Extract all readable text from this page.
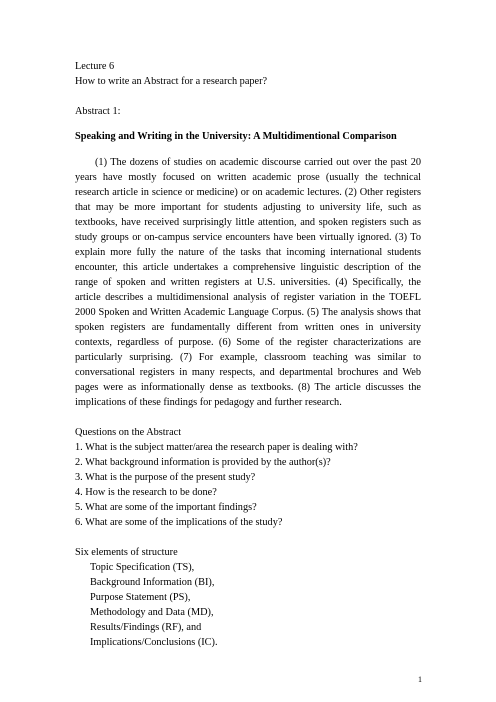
Lecture 6

How to write an Abstract for a research paper?

Abstract 1:

Speaking and Writing in the University: A Multidimentional Comparison

(1) The dozens of studies on academic discourse carried out over the past 20 years have mostly focused on written academic prose (usually the technical research article in science or medicine) or on academic lectures. (2) Other registers that may be more important for students adjusting to university life, such as textbooks, have received surprisingly little attention, and spoken registers such as study groups or on-campus service encounters have been virtually ignored. (3) To explain more fully the nature of the tasks that incoming international students encounter, this article undertakes a comprehensive linguistic description of the range of spoken and written registers at U.S. universities. (4) Specifically, the article describes a multidimensional analysis of register variation in the TOEFL 2000 Spoken and Written Academic Language Corpus. (5) The analysis shows that spoken registers are fundamentally different from written ones in university contexts, regardless of purpose. (6) Some of the register characterizations are particularly surprising. (7) For example, classroom teaching was similar to conversational registers in many respects, and departmental brochures and Web pages were as informationally dense as textbooks. (8) The article discusses the implications of these findings for pedagogy and further research.

Questions on the Abstract

1. What is the subject matter/area the research paper is dealing with?
2. What background information is provided by the author(s)?
3. What is the purpose of the present study?
4. How is the research to be done?
5. What are some of the important findings?
6. What are some of the implications of the study?

Six elements of structure

Topic Specification (TS),
Background Information (BI),
Purpose Statement (PS),
Methodology and Data (MD),
Results/Findings (RF), and
Implications/Conclusions (IC).
1
